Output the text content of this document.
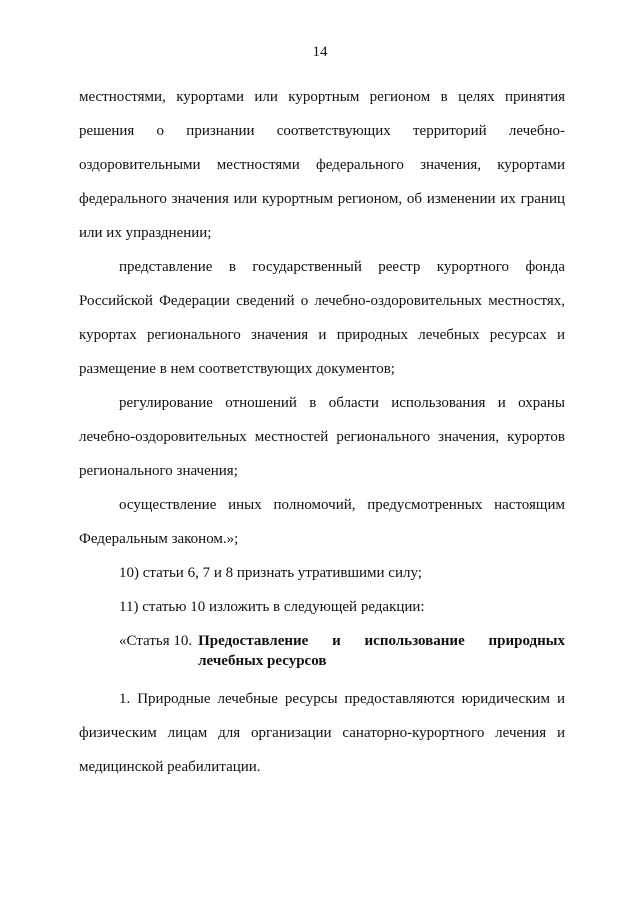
14

местностями, курортами или курортным регионом в целях принятия решения о признании соответствующих территорий лечебно-оздоровительными местностями федерального значения, курортами федерального значения или курортным регионом, об изменении их границ или их упразднении;

представление в государственный реестр курортного фонда Российской Федерации сведений о лечебно-оздоровительных местностях, курортах регионального значения и природных лечебных ресурсах и размещение в нем соответствующих документов;

регулирование отношений в области использования и охраны лечебно-оздоровительных местностей регионального значения, курортов регионального значения;

осуществление иных полномочий, предусмотренных настоящим Федеральным законом.»;

10) статьи 6, 7 и 8 признать утратившими силу;

11) статью 10 изложить в следующей редакции:

«Статья 10. Предоставление и использование природных
лечебных ресурсов

1. Природные лечебные ресурсы предоставляются юридическим и физическим лицам для организации санаторно-курортного лечения и медицинской реабилитации.
